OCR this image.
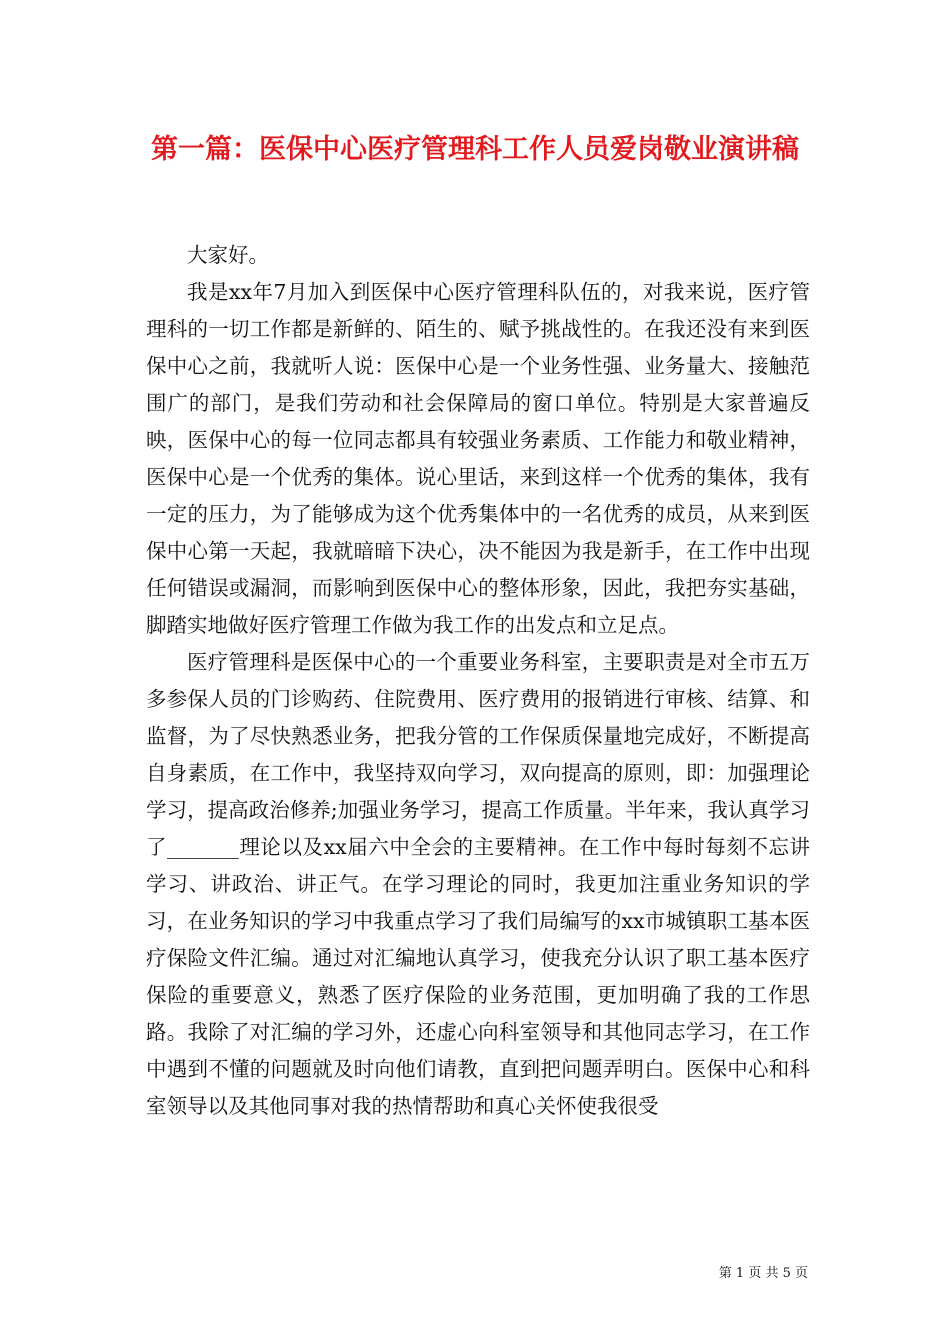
第一篇：医保中心医疗管理科工作人员爱岗敬业演讲稿

大家好。

我是xx年7月加入到医保中心医疗管理科队伍的，对我来说，医疗管理科的一切工作都是新鲜的、陌生的、赋予挑战性的。在我还没有来到医保中心之前，我就听人说：医保中心是一个业务性强、业务量大、接触范围广的部门，是我们劳动和社会保障局的窗口单位。特别是大家普遍反映，医保中心的每一位同志都具有较强业务素质、工作能力和敬业精神，医保中心是一个优秀的集体。说心里话，来到这样一个优秀的集体，我有一定的压力，为了能够成为这个优秀集体中的一名优秀的成员，从来到医保中心第一天起，我就暗暗下决心，决不能因为我是新手，在工作中出现任何错误或漏洞，而影响到医保中心的整体形象，因此，我把夯实基础，脚踏实地做好医疗管理工作做为我工作的出发点和立足点。

医疗管理科是医保中心的一个重要业务科室，主要职责是对全市五万多参保人员的门诊购药、住院费用、医疗费用的报销进行审核、结算、和监督，为了尽快熟悉业务，把我分管的工作保质保量地完成好，不断提高自身素质，在工作中，我坚持双向学习，双向提高的原则，即：加强理论学习，提高政治修养;加强业务学习，提高工作质量。半年来，我认真学习了_______理论以及xx届六中全会的主要精神。在工作中每时每刻不忘讲学习、讲政治、讲正气。在学习理论的同时，我更加注重业务知识的学习，在业务知识的学习中我重点学习了我们局编写的xx市城镇职工基本医疗保险文件汇编。通过对汇编地认真学习，使我充分认识了职工基本医疗保险的重要意义，熟悉了医疗保险的业务范围，更加明确了我的工作思路。我除了对汇编的学习外，还虚心向科室领导和其他同志学习，在工作中遇到不懂的问题就及时向他们请教，直到把问题弄明白。医保中心和科室领导以及其他同事对我的热情帮助和真心关怀使我很受

第 1 页 共 5 页
